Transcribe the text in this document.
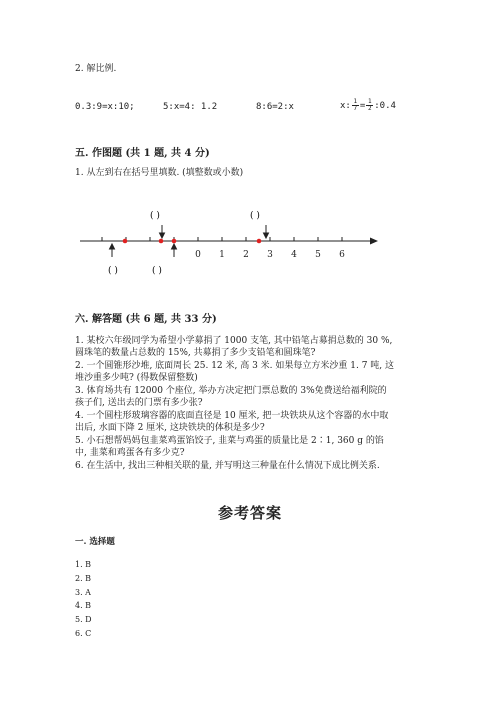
2. 解比例.
0.3:9=x:10;	5:x=4: 1.2	8:6=2:x	x: $\frac{1}{7} = \frac{1}{2}$ :0.4
五. 作图题 (共 1 题, 共 4 分)
1. 从左到右在括号里填数. (填整数或小数)
( )	( )
( )	( )
0 1 2 3 4 5 6
六. 解答题 (共 6 题, 共 33 分)
1. 某校六年级同学为希望小学募捐了 1000 支笔, 其中铅笔占募捐总数的 30 %, 圆珠笔的数量占总数的 15%, 共募捐了多少支铅笔和圆珠笔?
2. 一个圆锥形沙堆, 底面周长 25. 12 米, 高 3 米. 如果每立方米沙重 1. 7 吨, 这堆沙重多少吨? (得数保留整数)
3. 体育场共有 12000 个座位, 举办方决定把门票总数的 3%免费送给福利院的孩子们, 送出去的门票有多少张?
4. 一个圆柱形玻璃容器的底面直径是 10 厘米, 把一块铁块从这个容器的水中取出后, 水面下降 2 厘米, 这块铁块的体积是多少?
5. 小石想帮妈妈包韭菜鸡蛋馅饺子, 韭菜与鸡蛋的质量比是 2∶1, 360 g 的馅中, 韭菜和鸡蛋各有多少克?
6. 在生活中, 找出三种相关联的量, 并写明这三种量在什么情况下成比例关系.
参考答案
一. 选择题
1. B
2. B
3. A
4. B
5. D
6. C
